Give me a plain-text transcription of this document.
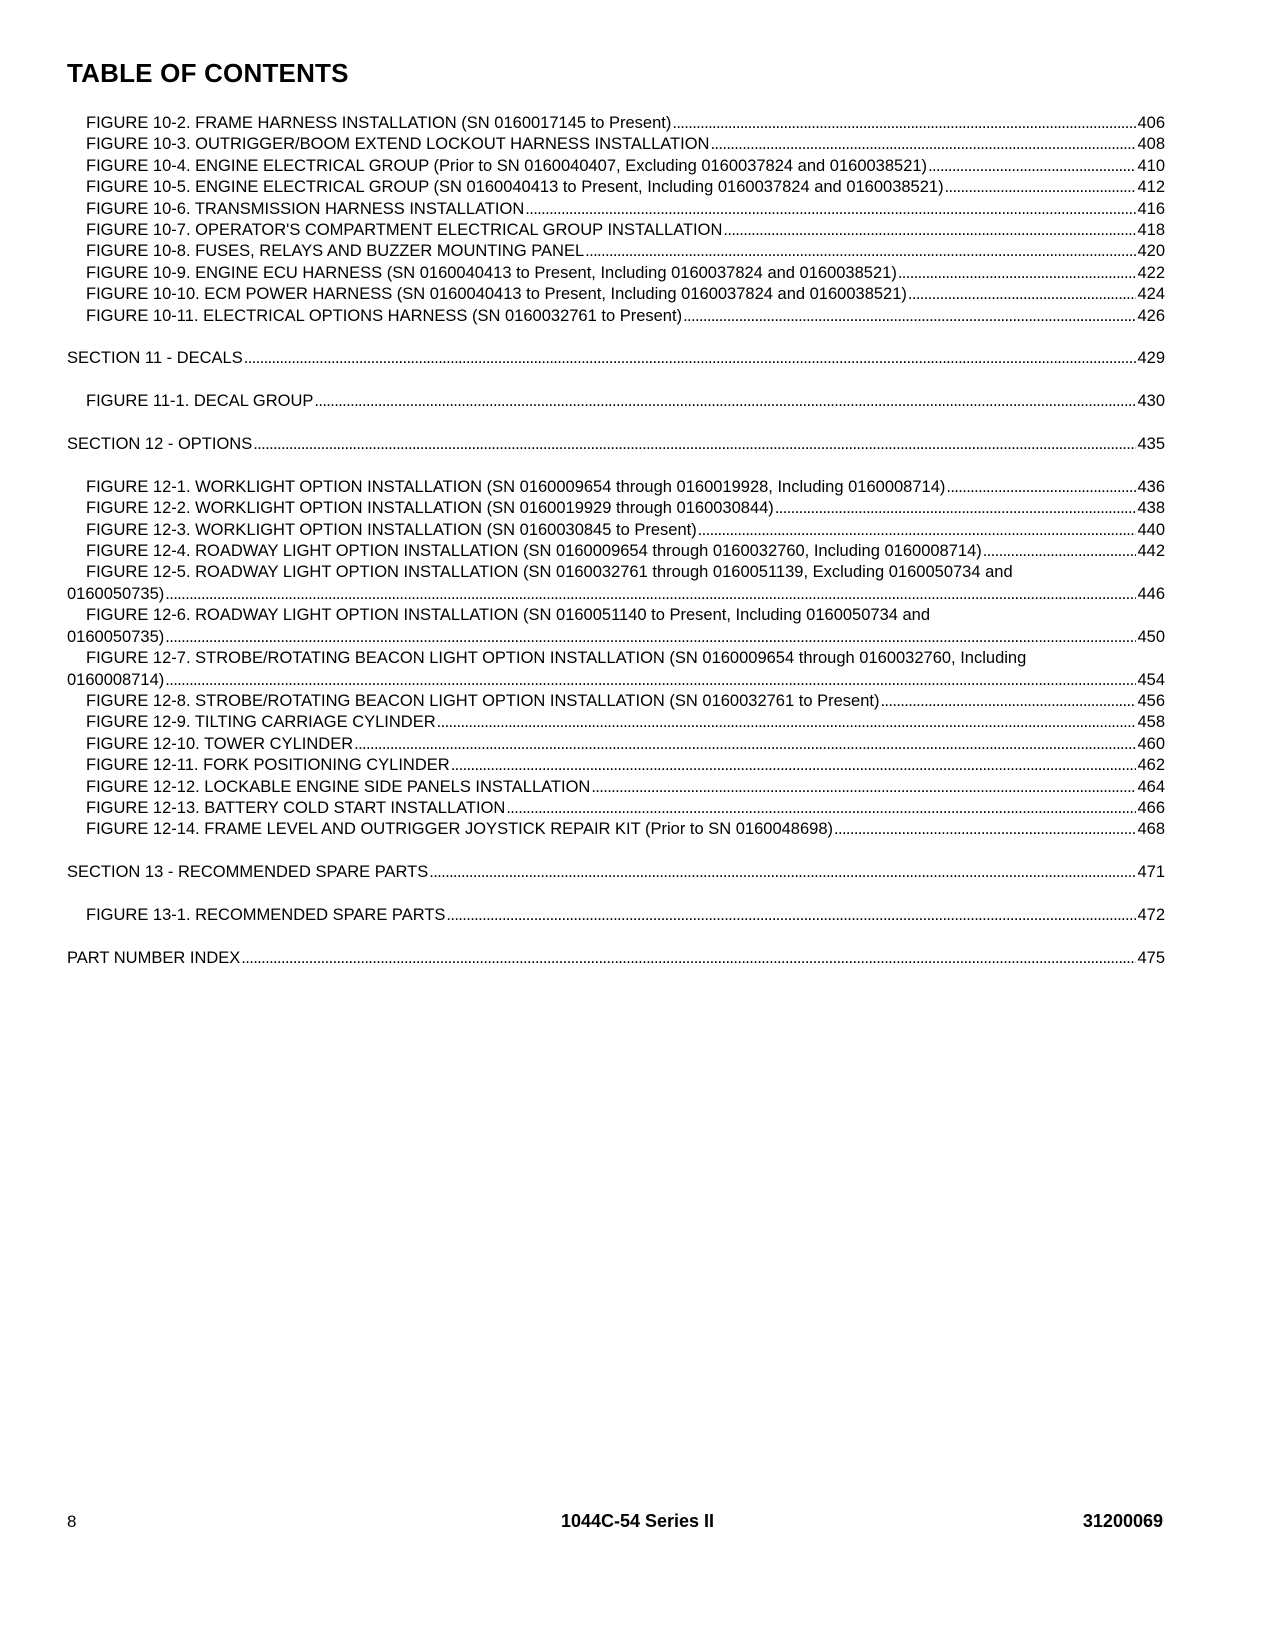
TABLE OF CONTENTS
FIGURE 10-2. FRAME HARNESS INSTALLATION (SN 0160017145 to Present) . . .	406
FIGURE 10-3. OUTRIGGER/BOOM EXTEND LOCKOUT HARNESS INSTALLATION . . .	408
FIGURE 10-4. ENGINE ELECTRICAL GROUP (Prior to SN 0160040407, Excluding 0160037824 and 0160038521) . . .	410
FIGURE 10-5. ENGINE ELECTRICAL GROUP (SN 0160040413 to Present, Including 0160037824 and 0160038521) . . .	412
FIGURE 10-6. TRANSMISSION HARNESS INSTALLATION . . .	416
FIGURE 10-7. OPERATOR'S COMPARTMENT ELECTRICAL GROUP INSTALLATION . . .	418
FIGURE 10-8. FUSES, RELAYS AND BUZZER MOUNTING PANEL . . .	420
FIGURE 10-9. ENGINE ECU HARNESS (SN 0160040413 to Present, Including 0160037824 and 0160038521) . . .	422
FIGURE 10-10. ECM POWER HARNESS (SN 0160040413 to Present, Including 0160037824 and 0160038521) . . .	424
FIGURE 10-11. ELECTRICAL OPTIONS HARNESS (SN 0160032761 to Present) . . .	426
SECTION 11 - DECALS . . .	429
FIGURE 11-1. DECAL GROUP . . .	430
SECTION 12 - OPTIONS . . .	435
FIGURE 12-1. WORKLIGHT OPTION INSTALLATION (SN 0160009654 through 0160019928, Including 0160008714) . . .	436
FIGURE 12-2. WORKLIGHT OPTION INSTALLATION (SN 0160019929 through 0160030844) . . .	438
FIGURE 12-3. WORKLIGHT OPTION INSTALLATION (SN 0160030845 to Present) . . .	440
FIGURE 12-4. ROADWAY LIGHT OPTION INSTALLATION (SN 0160009654 through 0160032760, Including 0160008714) . . .	442
FIGURE 12-5. ROADWAY LIGHT OPTION INSTALLATION (SN 0160032761 through 0160051139, Excluding 0160050734 and
0160050735) . . .	446
FIGURE 12-6. ROADWAY LIGHT OPTION INSTALLATION (SN 0160051140 to Present, Including 0160050734 and
0160050735) . . .	450
FIGURE 12-7. STROBE/ROTATING BEACON LIGHT OPTION INSTALLATION (SN 0160009654 through 0160032760, Including
0160008714) . . .	454
FIGURE 12-8. STROBE/ROTATING BEACON LIGHT OPTION INSTALLATION (SN 0160032761 to Present) . . .	456
FIGURE 12-9. TILTING CARRIAGE CYLINDER . . .	458
FIGURE 12-10. TOWER CYLINDER . . .	460
FIGURE 12-11. FORK POSITIONING CYLINDER . . .	462
FIGURE 12-12. LOCKABLE ENGINE SIDE PANELS INSTALLATION . . .	464
FIGURE 12-13. BATTERY COLD START INSTALLATION . . .	466
FIGURE 12-14. FRAME LEVEL AND OUTRIGGER JOYSTICK REPAIR KIT (Prior to SN 0160048698) . . .	468
SECTION 13 - RECOMMENDED SPARE PARTS . . .	471
FIGURE 13-1. RECOMMENDED SPARE PARTS . . .	472
PART NUMBER INDEX . . .	475
8	1044C-54 Series II	31200069
